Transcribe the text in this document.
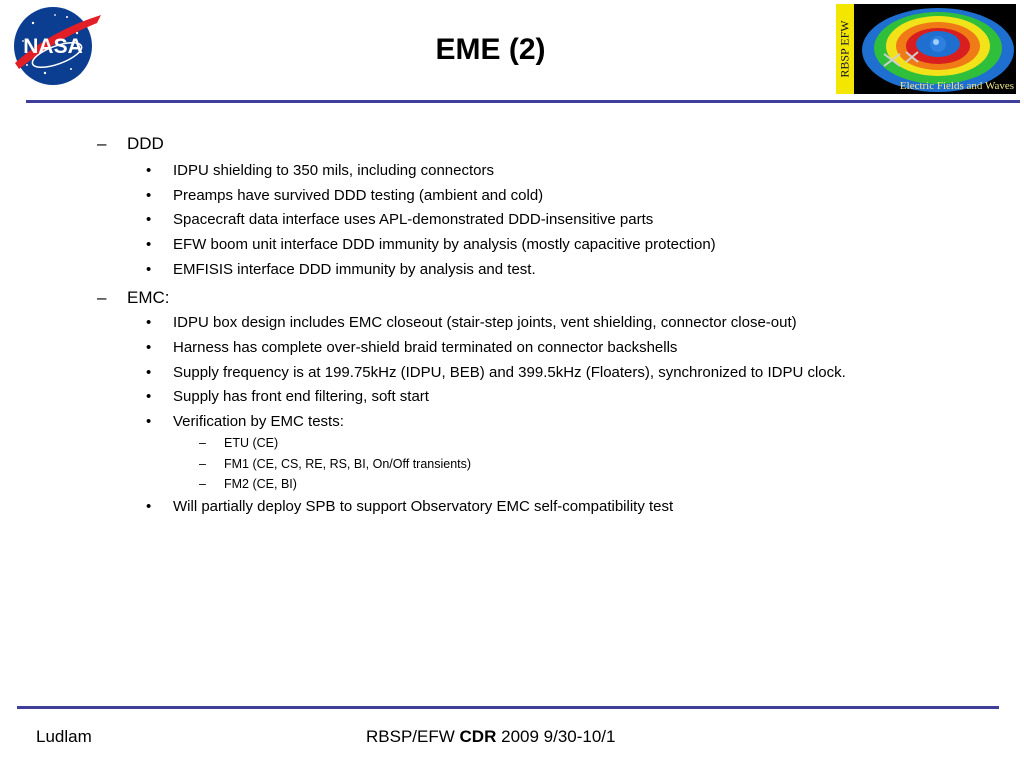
NASA	EME (2)	RBSP EFW
Electric Fields and Waves
– DDD
• IDPU shielding to 350 mils, including connectors
• Preamps have survived DDD testing (ambient and cold)
• Spacecraft data interface uses APL-demonstrated DDD-insensitive parts
• EFW boom unit interface DDD immunity by analysis (mostly capacitive protection)
• EMFISIS interface DDD immunity by analysis and test.
– EMC:
• IDPU box design includes EMC closeout (stair-step joints, vent shielding, connector close-out)
• Harness has complete over-shield braid terminated on connector backshells
• Supply frequency is at 199.75kHz (IDPU, BEB) and 399.5kHz (Floaters), synchronized to IDPU clock.
• Supply has front end filtering, soft start
• Verification by EMC tests:
– ETU (CE)
– FM1 (CE, CS, RE, RS, BI, On/Off transients)
– FM2 (CE, BI)
• Will partially deploy SPB to support Observatory EMC self-compatibility test
Ludlam	RBSP/EFW CDR 2009 9/30-10/1
